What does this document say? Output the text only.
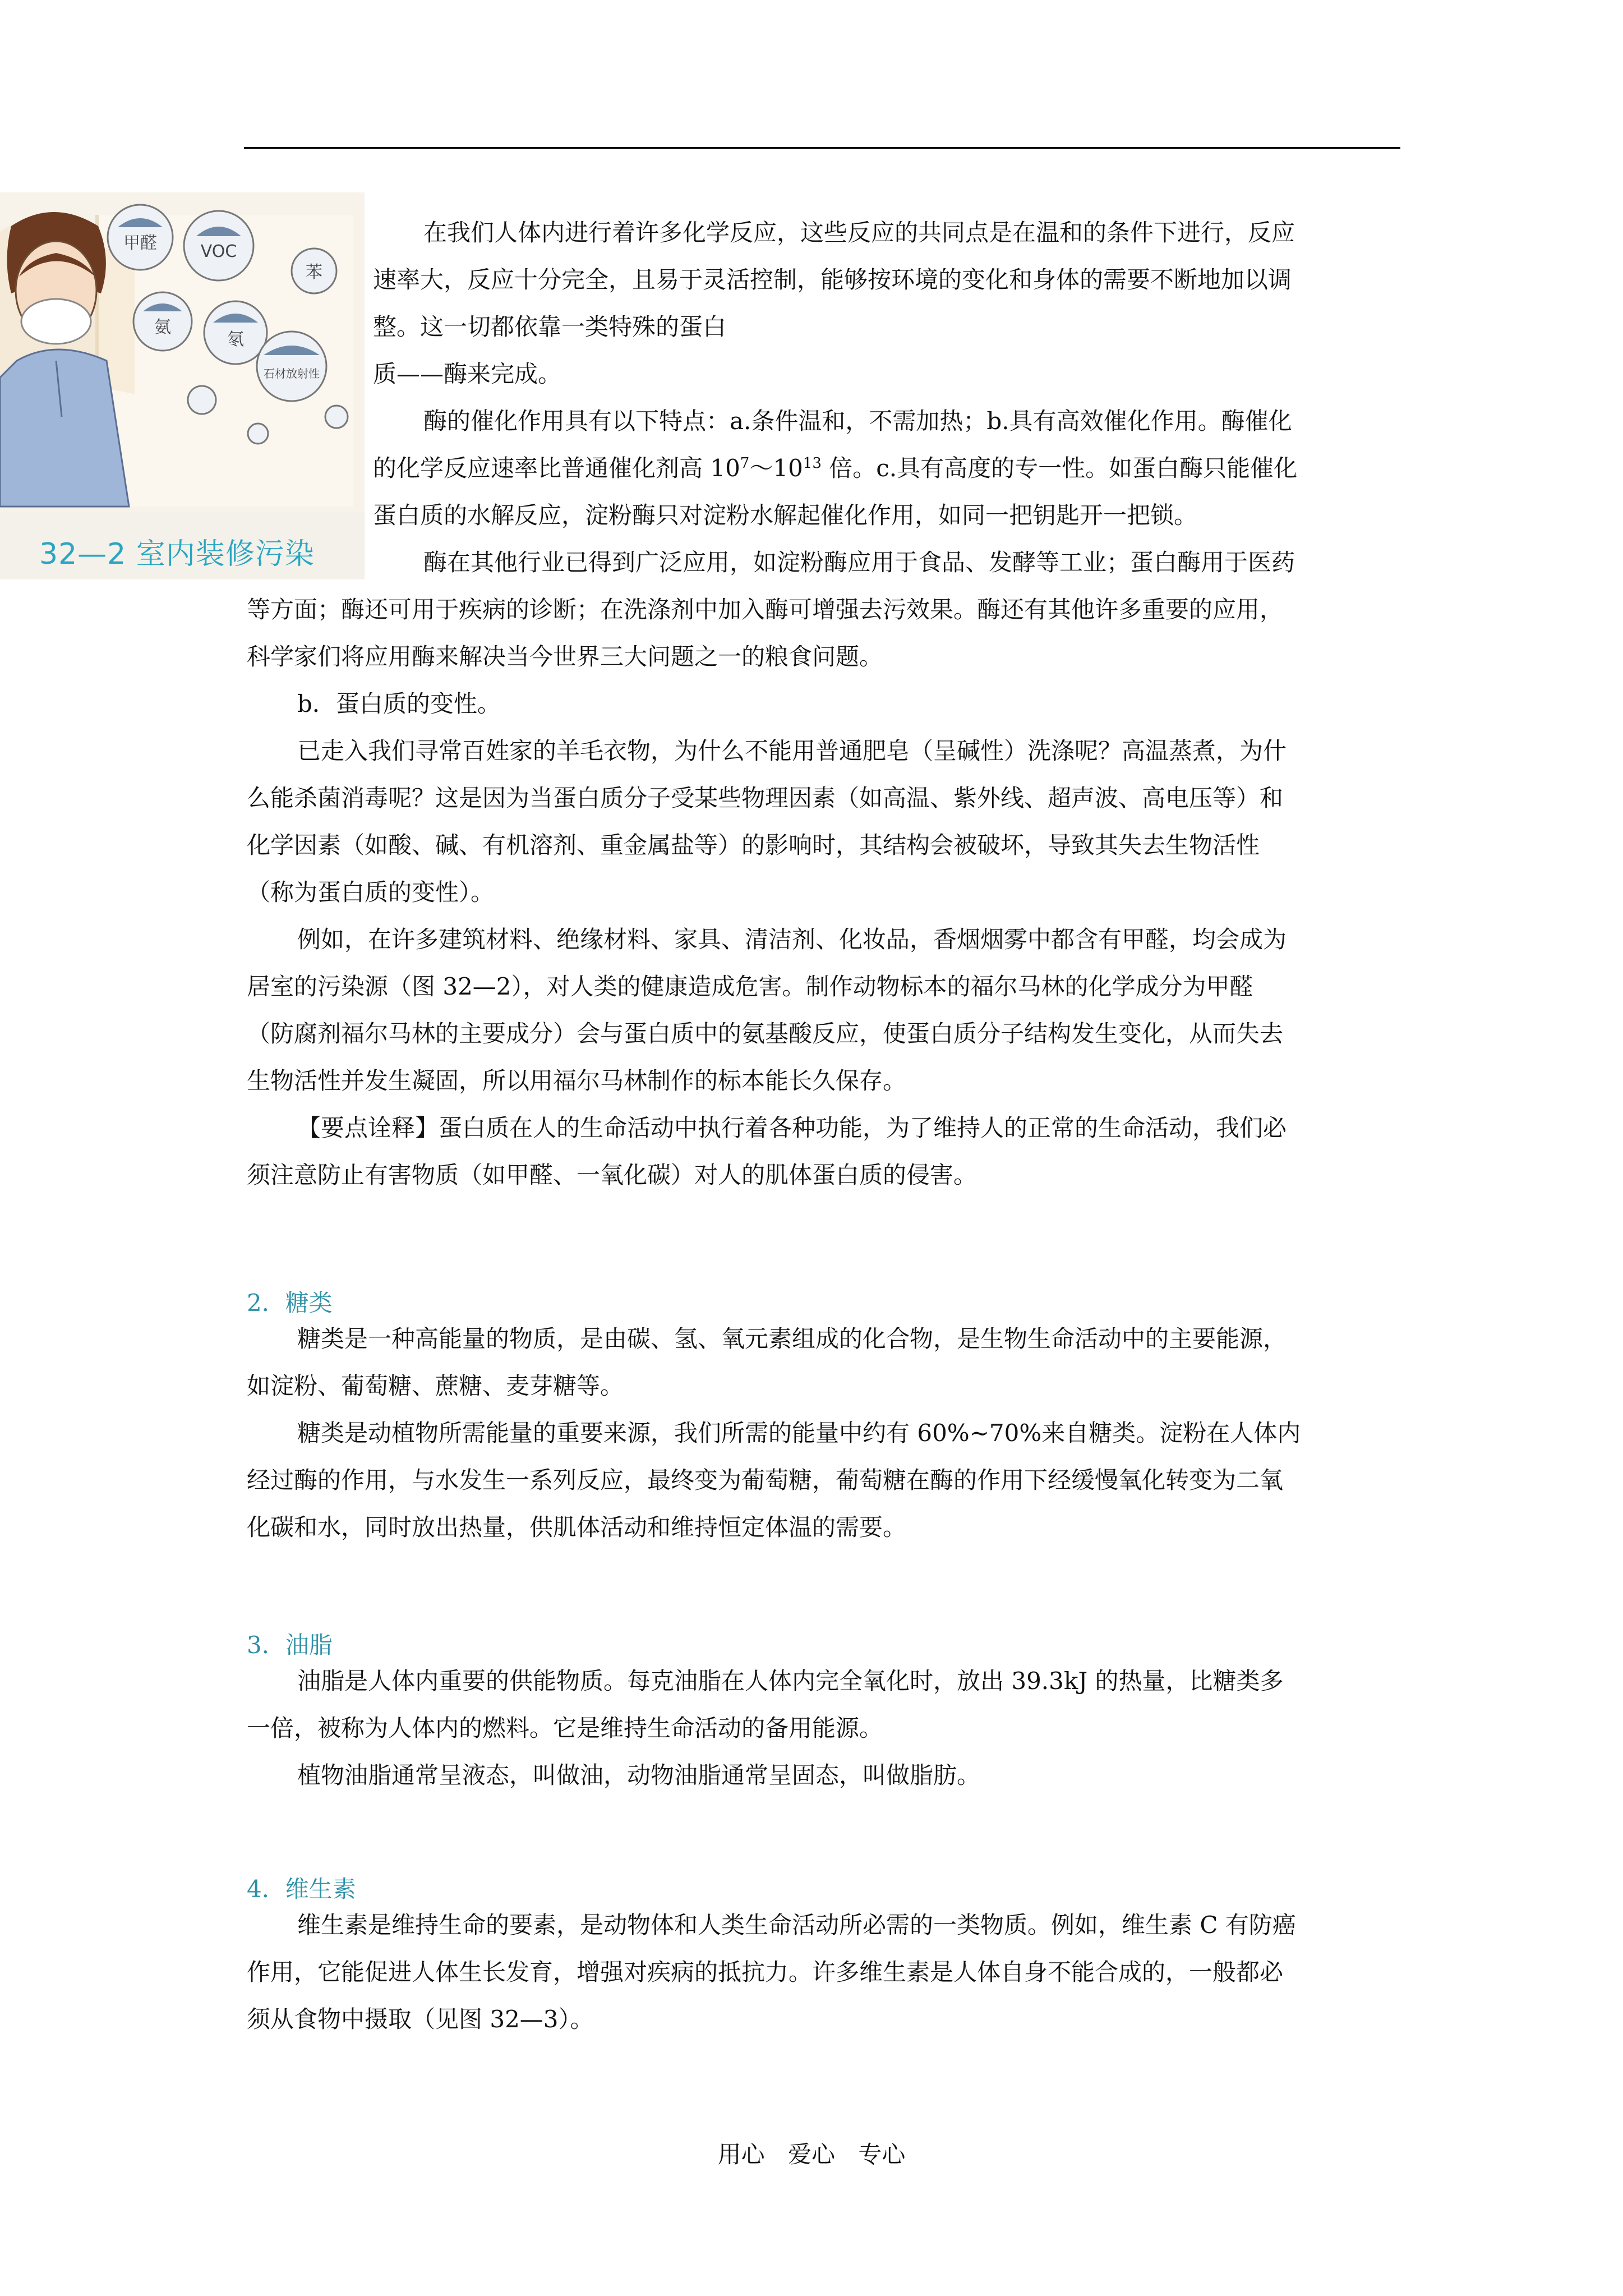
甲醛	VOC
氨
氡
苯
石材放射性
32—2 室内装修污染
在我们人体内进行着许多化学反应，这些反应的共同点是在温和的条件下进行，反应
速率大，反应十分完全，且易于灵活控制，能够按环境的变化和身体的需要不断地加以调
整。这一切都依靠一类特殊的蛋白
质——酶来完成。
酶的催化作用具有以下特点：a.条件温和，不需加热；b.具有高效催化作用。酶催化
的化学反应速率比普通催化剂高 $10^7\sim 10^{13}$ 倍。c.具有高度的专一性。如蛋白酶只能催化
蛋白质的水解反应，淀粉酶只对淀粉水解起催化作用，如同一把钥匙开一把锁。
酶在其他行业已得到广泛应用，如淀粉酶应用于食品、发酵等工业；蛋白酶用于医药
等方面；酶还可用于疾病的诊断；在洗涤剂中加入酶可增强去污效果。酶还有其他许多重要的应用，
科学家们将应用酶来解决当今世界三大问题之一的粮食问题。
b．蛋白质的变性。
已走入我们寻常百姓家的羊毛衣物，为什么不能用普通肥皂（呈碱性）洗涤呢？高温蒸煮，为什
么能杀菌消毒呢？这是因为当蛋白质分子受某些物理因素（如高温、紫外线、超声波、高电压等）和
化学因素（如酸、碱、有机溶剂、重金属盐等）的影响时，其结构会被破坏，导致其失去生物活性
（称为蛋白质的变性）。
例如，在许多建筑材料、绝缘材料、家具、清洁剂、化妆品，香烟烟雾中都含有甲醛，均会成为
居室的污染源（图 32—2），对人类的健康造成危害。制作动物标本的福尔马林的化学成分为甲醛
（防腐剂福尔马林的主要成分）会与蛋白质中的氨基酸反应，使蛋白质分子结构发生变化，从而失去
生物活性并发生凝固，所以用福尔马林制作的标本能长久保存。
【要点诠释】蛋白质在人的生命活动中执行着各种功能，为了维持人的正常的生命活动，我们必
须注意防止有害物质（如甲醛、一氧化碳）对人的肌体蛋白质的侵害。
2．糖类
糖类是一种高能量的物质，是由碳、氢、氧元素组成的化合物，是生物生命活动中的主要能源，
如淀粉、葡萄糖、蔗糖、麦芽糖等。
糖类是动植物所需能量的重要来源，我们所需的能量中约有 60%~70%来自糖类。淀粉在人体内
经过酶的作用，与水发生一系列反应，最终变为葡萄糖，葡萄糖在酶的作用下经缓慢氧化转变为二氧
化碳和水，同时放出热量，供肌体活动和维持恒定体温的需要。
3．油脂
油脂是人体内重要的供能物质。每克油脂在人体内完全氧化时，放出 39.3kJ 的热量，比糖类多
一倍，被称为人体内的燃料。它是维持生命活动的备用能源。
植物油脂通常呈液态，叫做油，动物油脂通常呈固态，叫做脂肪。
4．维生素
维生素是维持生命的要素，是动物体和人类生命活动所必需的一类物质。例如，维生素 C 有防癌
作用，它能促进人体生长发育，增强对疾病的抵抗力。许多维生素是人体自身不能合成的，一般都必
须从食物中摄取（见图 32—3）。
用心 爱心 专心
